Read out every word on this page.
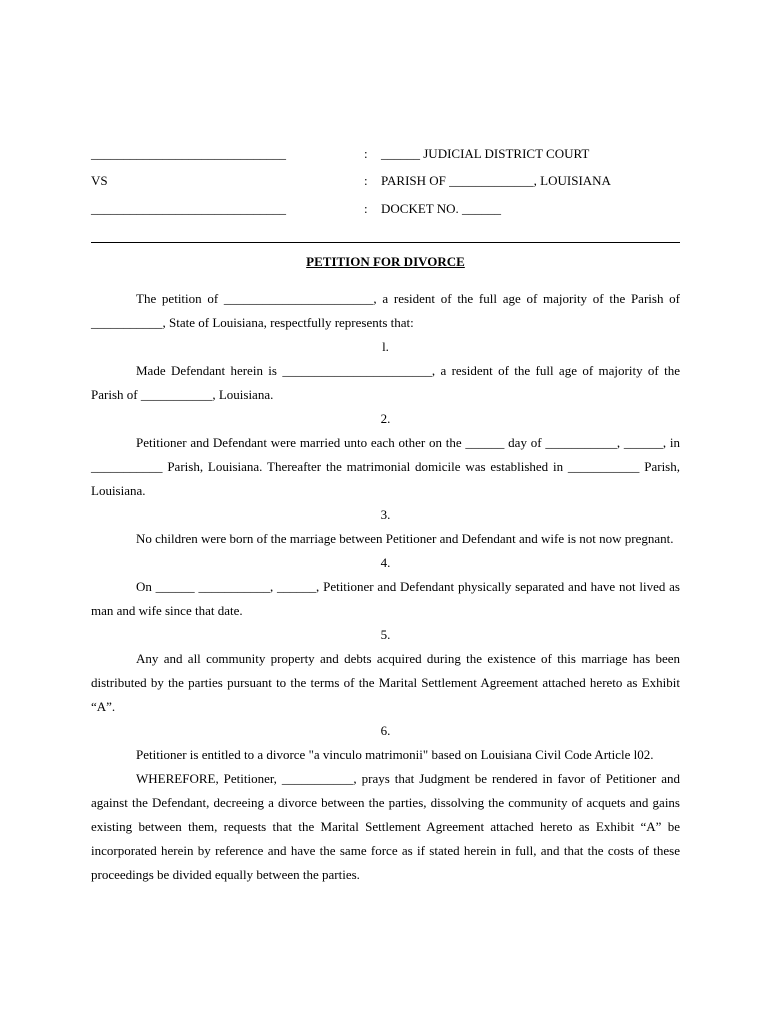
______________________________	: ______ JUDICIAL DISTRICT COURT
VS	: PARISH OF _____________, LOUISIANA
______________________________	: DOCKET NO. ______
PETITION FOR DIVORCE

The petition of _______________________, a resident of the full age of majority of the Parish of ___________, State of Louisiana, respectfully represents that:

l.

Made Defendant herein is _______________________, a resident of the full age of majority of the Parish of ___________, Louisiana.

2.

Petitioner and Defendant were married unto each other on the ______ day of ___________, ______, in ___________ Parish, Louisiana. Thereafter the matrimonial domicile was established in ___________ Parish, Louisiana.

3.

No children were born of the marriage between Petitioner and Defendant and wife is not now pregnant.

4.

On ______ ___________, ______, Petitioner and Defendant physically separated and have not lived as man and wife since that date.

5.

Any and all community property and debts acquired during the existence of this marriage has been distributed by the parties pursuant to the terms of the Marital Settlement Agreement attached hereto as Exhibit “A”.

6.

Petitioner is entitled to a divorce "a vinculo matrimonii" based on Louisiana Civil Code Article l02.

WHEREFORE, Petitioner, ___________, prays that Judgment be rendered in favor of Petitioner and against the Defendant, decreeing a divorce between the parties, dissolving the community of acquets and gains existing between them, requests that the Marital Settlement Agreement attached hereto as Exhibit “A” be incorporated herein by reference and have the same force as if stated herein in full, and that the costs of these proceedings be divided equally between the parties.
